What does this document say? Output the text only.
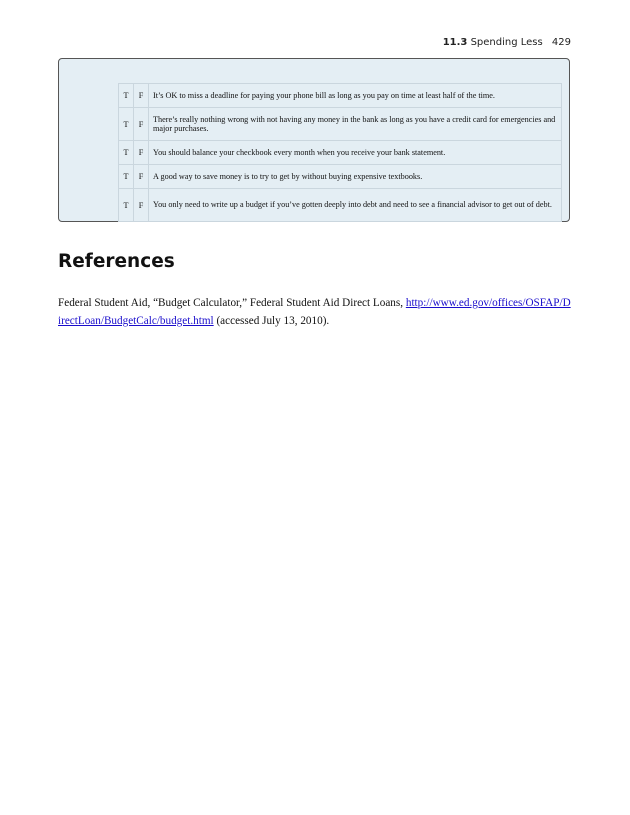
11.3 Spending Less 429
T	F	It’s OK to miss a deadline for paying your phone bill as long as you pay on time at least half of the time.
T	F	There’s really nothing wrong with not having any money in the bank as long as you have a credit card for emergencies and major purchases.
T	F	You should balance your checkbook every month when you receive your bank statement.
T	F	A good way to save money is to try to get by without buying expensive textbooks.
T	F	You only need to write up a budget if you’ve gotten deeply into debt and need to see a financial advisor to get out of debt.
References

Federal Student Aid, “Budget Calculator,” Federal Student Aid Direct Loans, http://www.ed.gov/offices/OSFAP/DirectLoan/BudgetCalc/budget.html (accessed July 13, 2010).
